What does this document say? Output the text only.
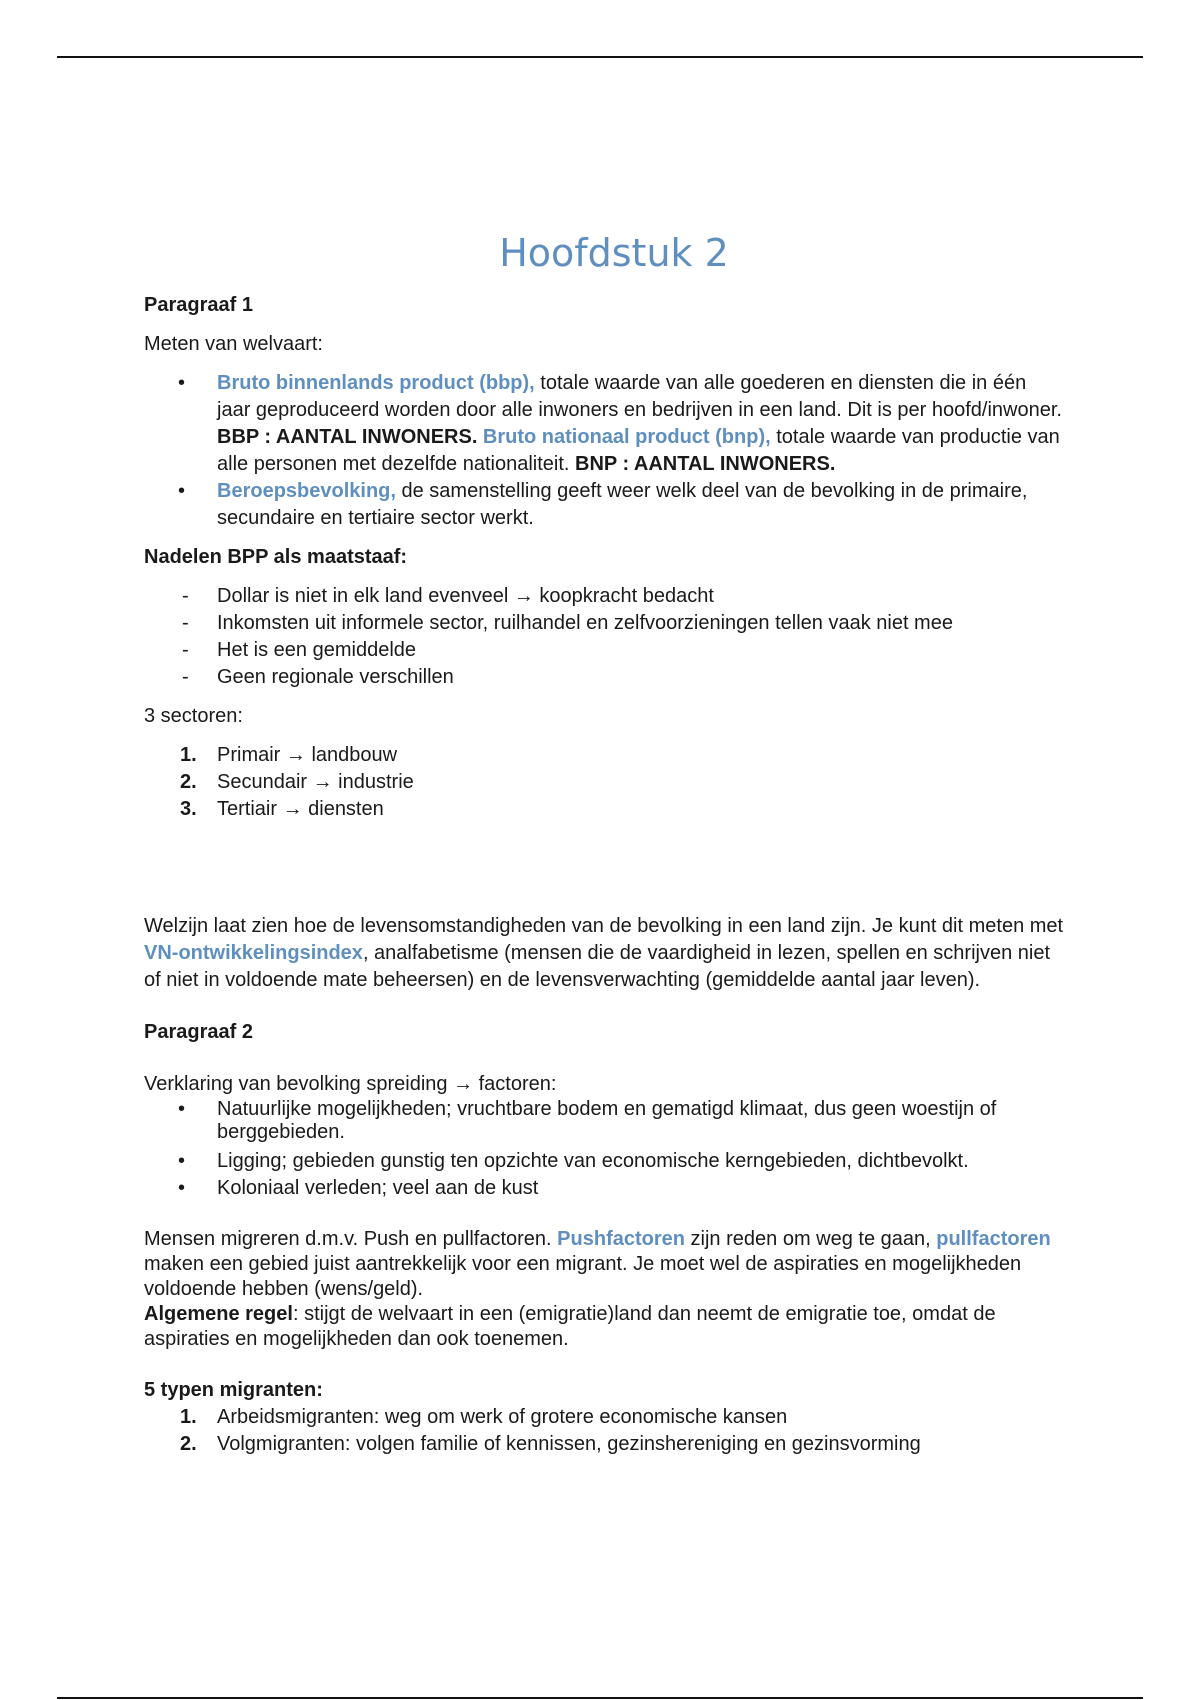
Hoofdstuk 2

Paragraaf 1

Meten van welvaart:

• Bruto binnenlands product (bbp), totale waarde van alle goederen en diensten die in één jaar geproduceerd worden door alle inwoners en bedrijven in een land. Dit is per hoofd/inwoner. BBP : AANTAL INWONERS. Bruto nationaal product (bnp), totale waarde van productie van alle personen met dezelfde nationaliteit. BNP : AANTAL INWONERS.
• Beroepsbevolking, de samenstelling geeft weer welk deel van de bevolking in de primaire, secundaire en tertiaire sector werkt.

Nadelen BPP als maatstaaf:

- Dollar is niet in elk land evenveel → koopkracht bedacht
- Inkomsten uit informele sector, ruilhandel en zelfvoorzieningen tellen vaak niet mee
- Het is een gemiddelde
- Geen regionale verschillen

3 sectoren:

1. Primair → landbouw
2. Secundair → industrie
3. Tertiair → diensten

Welzijn laat zien hoe de levensomstandigheden van de bevolking in een land zijn. Je kunt dit meten met VN-ontwikkelingsindex, analfabetisme (mensen die de vaardigheid in lezen, spellen en schrijven niet of niet in voldoende mate beheersen) en de levensverwachting (gemiddelde aantal jaar leven).

Paragraaf 2

Verklaring van bevolking spreiding → factoren:

• Natuurlijke mogelijkheden; vruchtbare bodem en gematigd klimaat, dus geen woestijn of berggebieden.
• Ligging; gebieden gunstig ten opzichte van economische kerngebieden, dichtbevolkt.
• Koloniaal verleden; veel aan de kust

Mensen migreren d.m.v. Push en pullfactoren. Pushfactoren zijn reden om weg te gaan, pullfactoren maken een gebied juist aantrekkelijk voor een migrant. Je moet wel de aspiraties en mogelijkheden voldoende hebben (wens/geld).

Algemene regel: stijgt de welvaart in een (emigratie)land dan neemt de emigratie toe, omdat de aspiraties en mogelijkheden dan ook toenemen.

5 typen migranten:

1. Arbeidsmigranten: weg om werk of grotere economische kansen
2. Volgmigranten: volgen familie of kennissen, gezinshereniging en gezinsvorming
